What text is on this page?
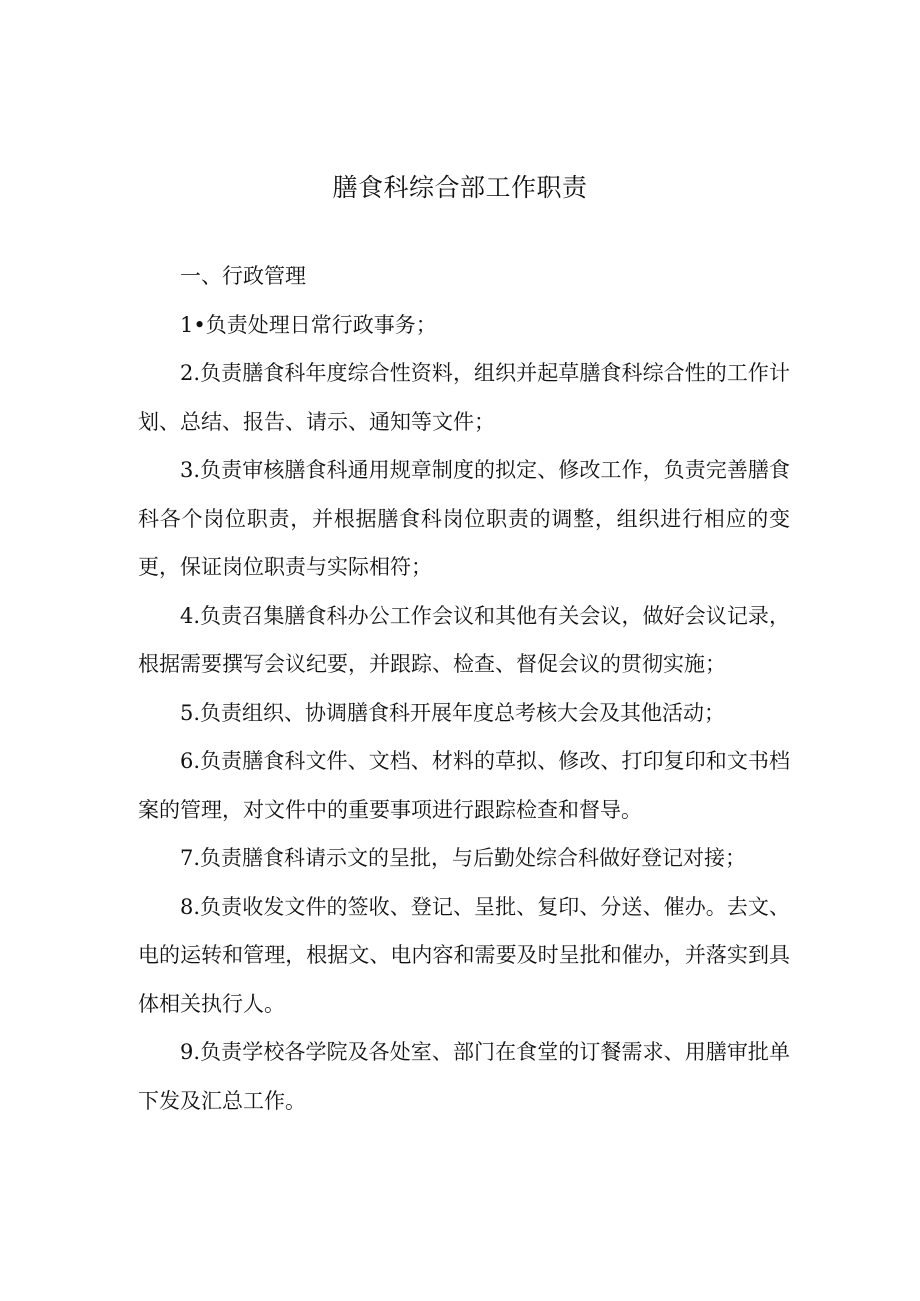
膳食科综合部工作职责

一、行政管理

1•负责处理日常行政事务；

2.负责膳食科年度综合性资料，组织并起草膳食科综合性的工作计划、总结、报告、请示、通知等文件；

3.负责审核膳食科通用规章制度的拟定、修改工作，负责完善膳食科各个岗位职责，并根据膳食科岗位职责的调整，组织进行相应的变更，保证岗位职责与实际相符；

4.负责召集膳食科办公工作会议和其他有关会议，做好会议记录，根据需要撰写会议纪要，并跟踪、检查、督促会议的贯彻实施；

5.负责组织、协调膳食科开展年度总考核大会及其他活动；

6.负责膳食科文件、文档、材料的草拟、修改、打印复印和文书档案的管理，对文件中的重要事项进行跟踪检查和督导。

7.负责膳食科请示文的呈批，与后勤处综合科做好登记对接；

8.负责收发文件的签收、登记、呈批、复印、分送、催办。去文、电的运转和管理，根据文、电内容和需要及时呈批和催办，并落实到具体相关执行人。

9.负责学校各学院及各处室、部门在食堂的订餐需求、用膳审批单下发及汇总工作。
